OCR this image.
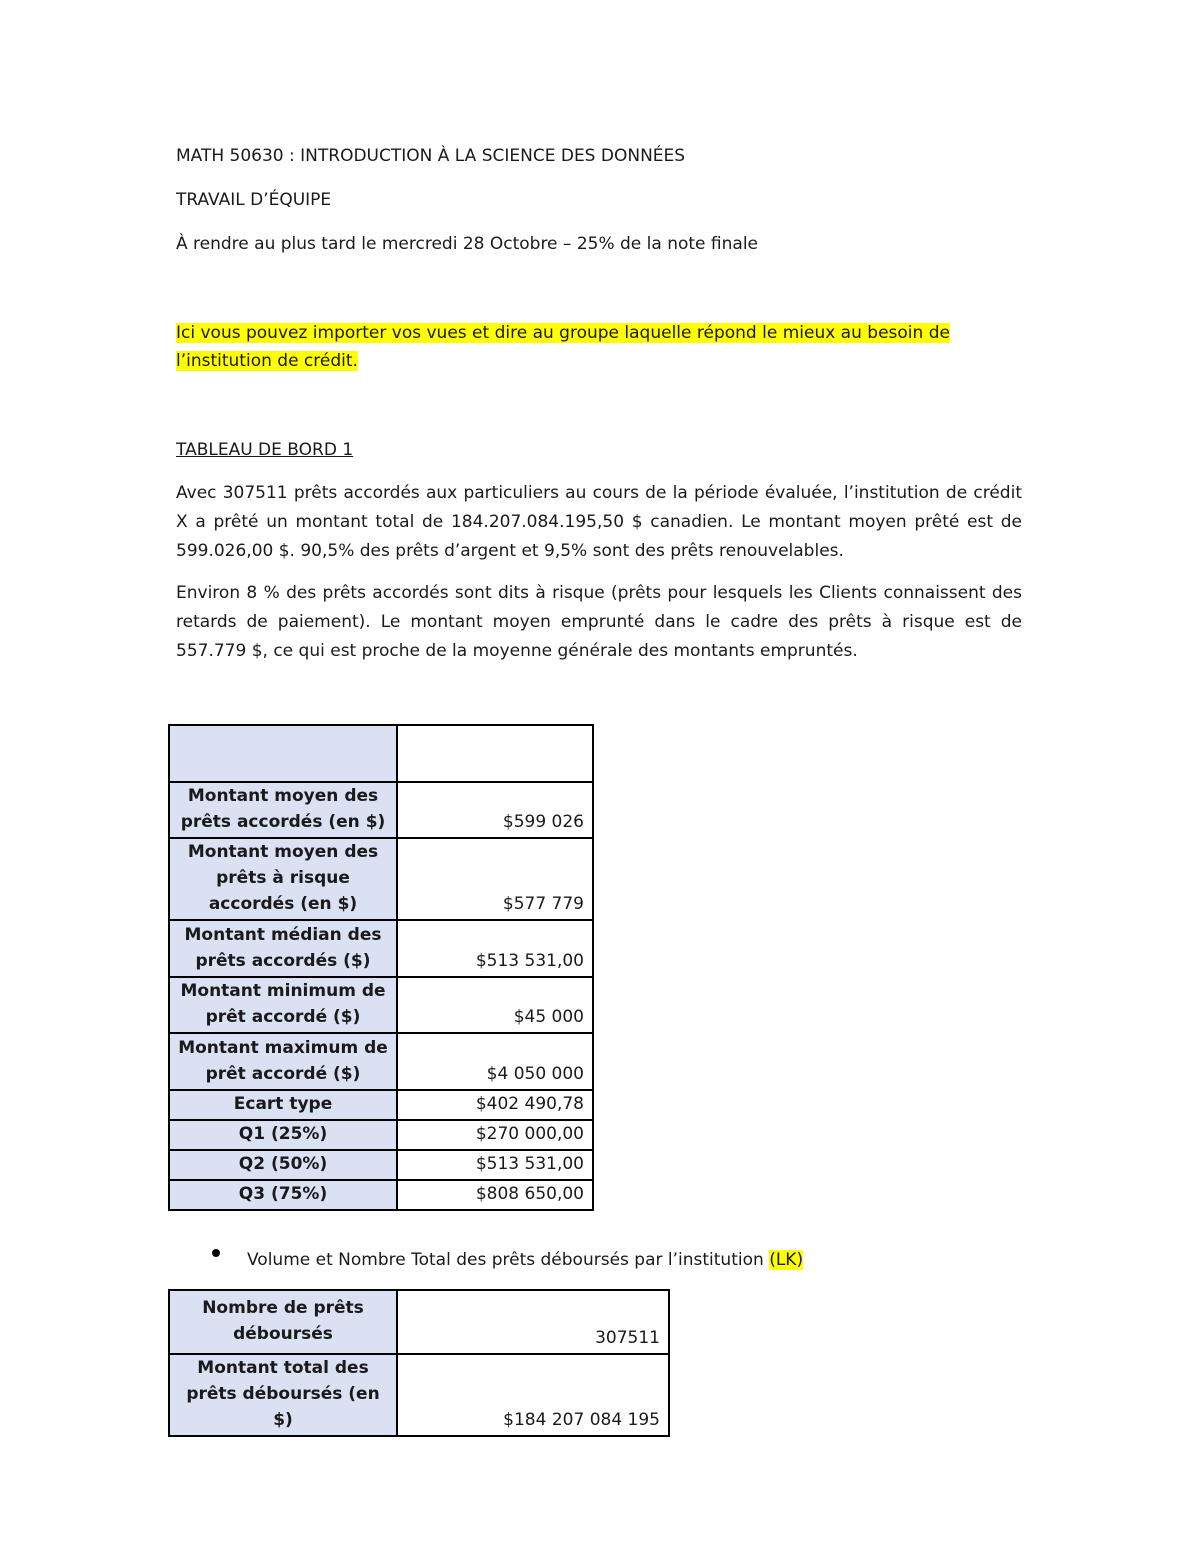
MATH 50630 : INTRODUCTION À LA SCIENCE DES DONNÉES
TRAVAIL D’ÉQUIPE
À rendre au plus tard le mercredi 28 Octobre – 25% de la note finale
Ici vous pouvez importer vos vues et dire au groupe laquelle répond le mieux au besoin de
l’institution de crédit.
TABLEAU DE BORD 1
Avec 307511 prêts accordés aux particuliers au cours de la période évaluée, l’institution de crédit X a prêté un montant total de 184.207.084.195,50 $ canadien. Le montant moyen prêté est de 599.026,00 $. 90,5% des prêts d’argent et 9,5% sont des prêts renouvelables.
Environ 8 % des prêts accordés sont dits à risque (prêts pour lesquels les Clients connaissent des retards de paiement). Le montant moyen emprunté dans le cadre des prêts à risque est de 557.779 $, ce qui est proche de la moyenne générale des montants empruntés.

Montant moyen des prêts accordés (en $)	$599 026
Montant moyen des prêts à risque accordés (en $)	$577 779
Montant médian des prêts accordés ($)	$513 531,00
Montant minimum de prêt accordé ($)	$45 000
Montant maximum de prêt accordé ($)	$4 050 000
Ecart type	$402 490,78
Q1 (25%)	$270 000,00
Q2 (50%)	$513 531,00
Q3 (75%)	$808 650,00
Volume et Nombre Total des prêts déboursés par l’institution (LK)
Nombre de prêts déboursés	307511
Montant total des prêts déboursés (en $)	$184 207 084 195
